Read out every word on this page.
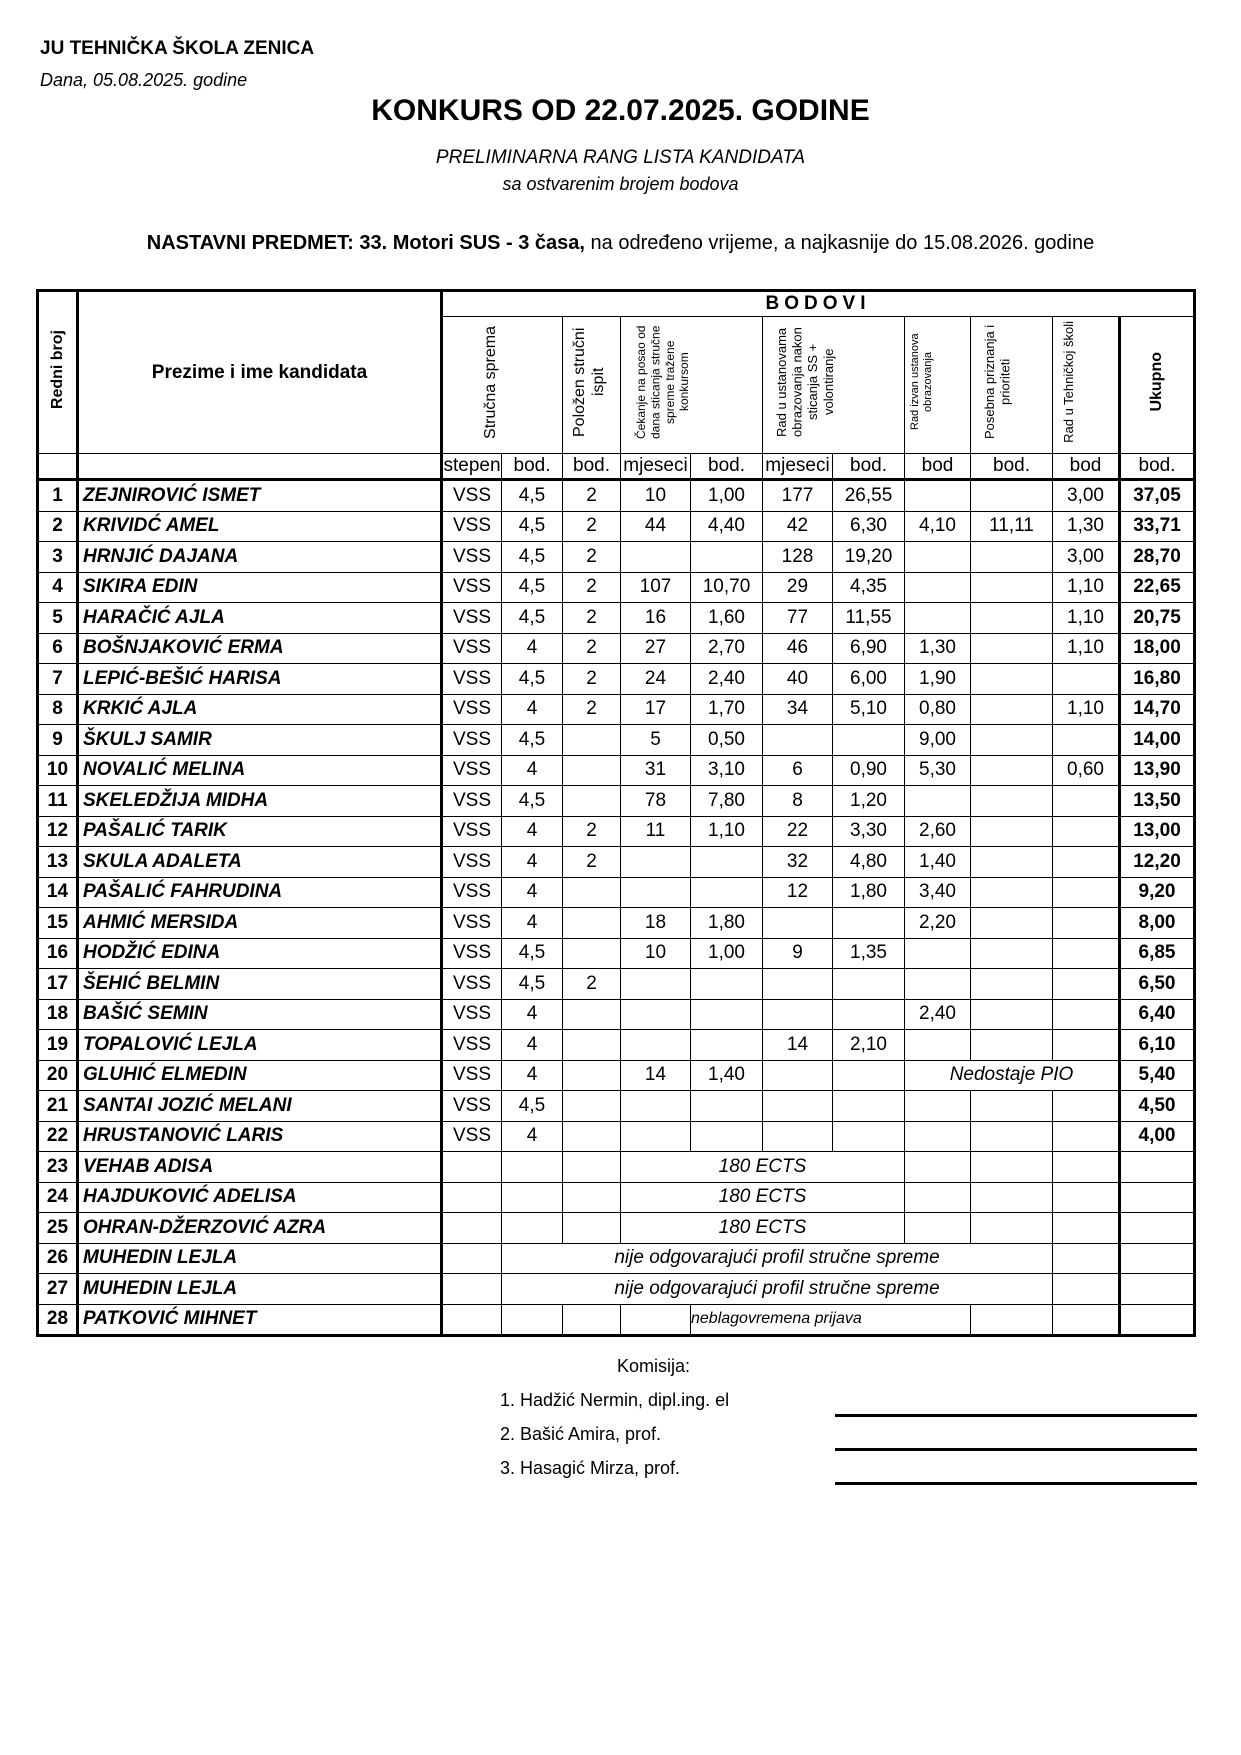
JU TEHNIČKA ŠKOLA ZENICA
Dana, 05.08.2025. godine
KONKURS OD 22.07.2025. GODINE
PRELIMINARNA RANG LISTA KANDIDATA
sa ostvarenim brojem bodova
NASTAVNI PREDMET: 33. Motori SUS - 3 časa, na određeno vrijeme, a najkasnije do 15.08.2026. godine
Redni broj	Prezime i ime kandidata	BODOVI										
		Stručna sprema		Položen stručni ispit	Čekanje na posao od dana sticanja stručne spreme tražene konkursom		Rad u ustanovama obrazovanja nakon sticanja SS + volontiranje		Rad izvan ustanova obrazovanja	Posebna priznanja i prioriteti	Rad u Tehničkoj školi	Ukupno
		stepen	bod.	bod.	mjeseci	bod.	mjeseci	bod.	bod	bod.	bod	bod.
1	ZEJNIROVIĆ ISMET	VSS	4,5	2	10	1,00	177	26,55			3,00	37,05
2	KRIVIDĆ AMEL	VSS	4,5	2	44	4,40	42	6,30	4,10	11,11	1,30	33,71
3	HRNJIĆ DAJANA	VSS	4,5	2			128	19,20			3,00	28,70
4	SIKIRA EDIN	VSS	4,5	2	107	10,70	29	4,35			1,10	22,65
5	HARAČIĆ AJLA	VSS	4,5	2	16	1,60	77	11,55			1,10	20,75
6	BOŠNJAKOVIĆ ERMA	VSS	4	2	27	2,70	46	6,90	1,30		1,10	18,00
7	LEPIĆ-BEŠIĆ HARISA	VSS	4,5	2	24	2,40	40	6,00	1,90			16,80
8	KRKIĆ AJLA	VSS	4	2	17	1,70	34	5,10	0,80		1,10	14,70
9	ŠKULJ SAMIR	VSS	4,5		5	0,50			9,00			14,00
10	NOVALIĆ MELINA	VSS	4		31	3,10	6	0,90	5,30		0,60	13,90
11	SKELEDŽIJA MIDHA	VSS	4,5		78	7,80	8	1,20				13,50
12	PAŠALIĆ TARIK	VSS	4	2	11	1,10	22	3,30	2,60			13,00
13	SKULA ADALETA	VSS	4	2			32	4,80	1,40			12,20
14	PAŠALIĆ FAHRUDINA	VSS	4				12	1,80	3,40			9,20
15	AHMIĆ MERSIDA	VSS	4		18	1,80			2,20			8,00
16	HODŽIĆ EDINA	VSS	4,5		10	1,00	9	1,35				6,85
17	ŠEHIĆ BELMIN	VSS	4,5	2								6,50
18	BAŠIĆ SEMIN	VSS	4						2,40			6,40
19	TOPALOVIĆ LEJLA	VSS	4				14	2,10				6,10
20	GLUHIĆ ELMEDIN	VSS	4		14	1,40			Nedostaje PIO			5,40
21	SANTAI JOZIĆ MELANI	VSS	4,5									4,50
22	HRUSTANOVIĆ LARIS	VSS	4									4,00
23	VEHAB ADISA				180 ECTS							
24	HAJDUKOVIĆ ADELISA				180 ECTS							
25	OHRAN-DŽERZOVIĆ AZRA				180 ECTS							
26	MUHEDIN LEJLA		nije odgovarajući profil stručne spreme									
27	MUHEDIN LEJLA		nije odgovarajući profil stručne spreme									
28	PATKOVIĆ MIHNET					neblagovremena prijava						
Komisija:
1. Hadžić Nermin, dipl.ing. el
2. Bašić Amira, prof.
3. Hasagić Mirza, prof.
